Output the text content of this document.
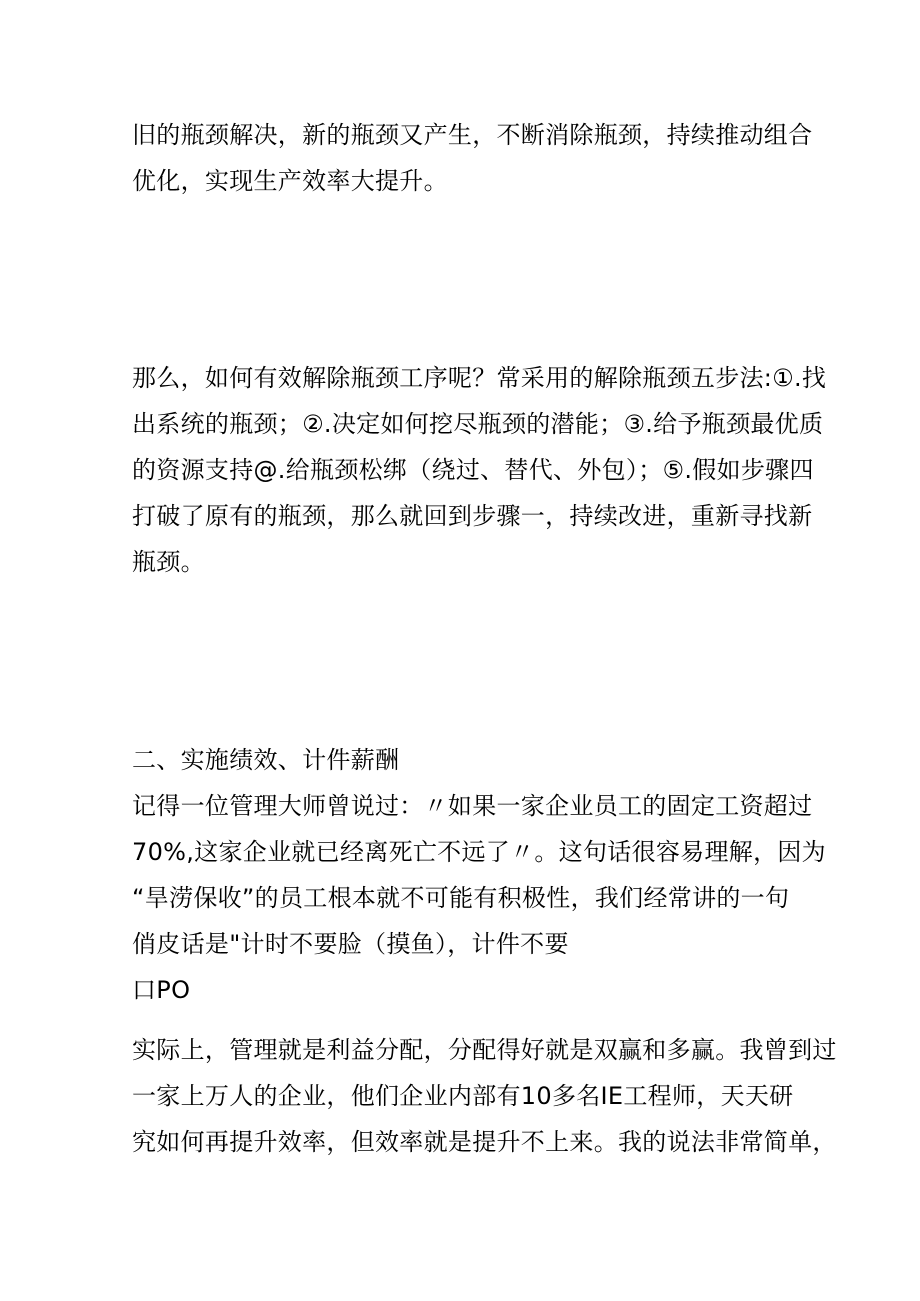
旧的瓶颈解决，新的瓶颈又产生，不断消除瓶颈，持续推动组合
优化，实现生产效率大提升。

那么，如何有效解除瓶颈工序呢？常采用的解除瓶颈五步法:①.找
出系统的瓶颈；②.决定如何挖尽瓶颈的潜能；③.给予瓶颈最优质
的资源支持@.给瓶颈松绑（绕过、替代、外包）；⑤.假如步骤四
打破了原有的瓶颈，那么就回到步骤一，持续改进，重新寻找新
瓶颈。

二、实施绩效、计件薪酬

记得一位管理大师曾说过：〃如果一家企业员工的固定工资超过
70%,这家企业就已经离死亡不远了〃。这句话很容易理解，因为
“旱涝保收”的员工根本就不可能有积极性，我们经常讲的一句
俏皮话是"计时不要脸（摸鱼），计件不要
口PO

实际上，管理就是利益分配，分配得好就是双赢和多赢。我曾到过
一家上万人的企业，他们企业内部有10多名IE工程师，天天研
究如何再提升效率，但效率就是提升不上来。我的说法非常简单，
